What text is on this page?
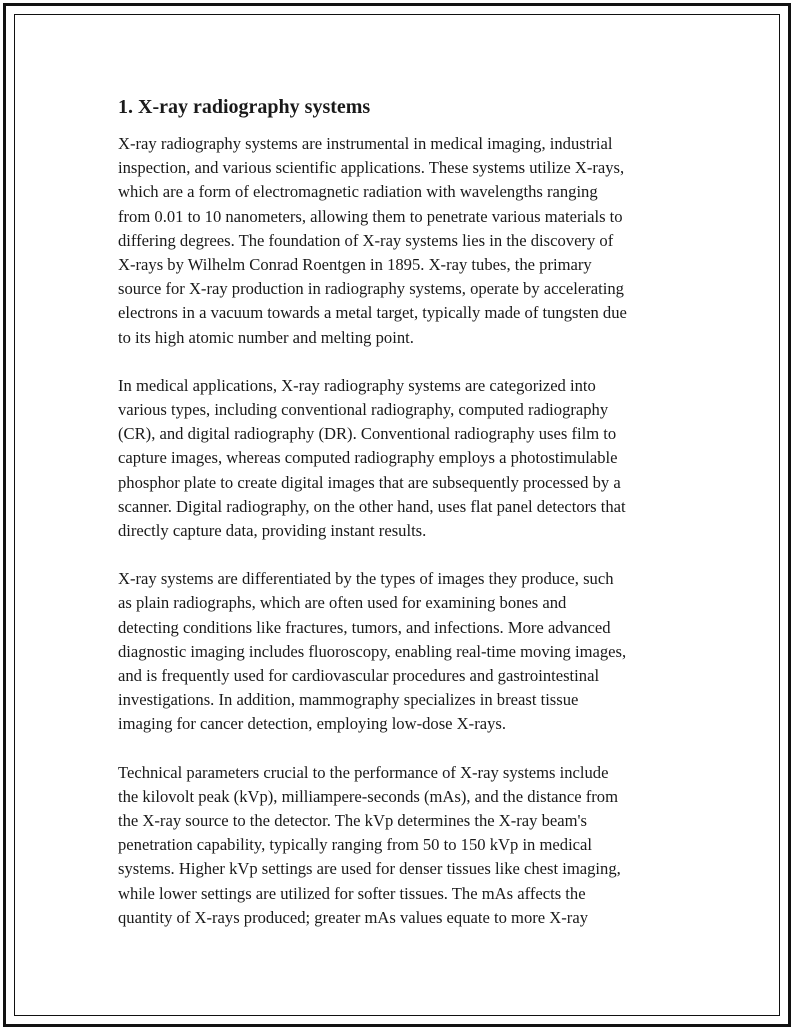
1. X-ray radiography systems

X-ray radiography systems are instrumental in medical imaging, industrial
inspection, and various scientific applications. These systems utilize X-rays,
which are a form of electromagnetic radiation with wavelengths ranging
from 0.01 to 10 nanometers, allowing them to penetrate various materials to
differing degrees. The foundation of X-ray systems lies in the discovery of
X-rays by Wilhelm Conrad Roentgen in 1895. X-ray tubes, the primary
source for X-ray production in radiography systems, operate by accelerating
electrons in a vacuum towards a metal target, typically made of tungsten due
to its high atomic number and melting point.

In medical applications, X-ray radiography systems are categorized into
various types, including conventional radiography, computed radiography
(CR), and digital radiography (DR). Conventional radiography uses film to
capture images, whereas computed radiography employs a photostimulable
phosphor plate to create digital images that are subsequently processed by a
scanner. Digital radiography, on the other hand, uses flat panel detectors that
directly capture data, providing instant results.

X-ray systems are differentiated by the types of images they produce, such
as plain radiographs, which are often used for examining bones and
detecting conditions like fractures, tumors, and infections. More advanced
diagnostic imaging includes fluoroscopy, enabling real-time moving images,
and is frequently used for cardiovascular procedures and gastrointestinal
investigations. In addition, mammography specializes in breast tissue
imaging for cancer detection, employing low-dose X-rays.

Technical parameters crucial to the performance of X-ray systems include
the kilovolt peak (kVp), milliampere-seconds (mAs), and the distance from
the X-ray source to the detector. The kVp determines the X-ray beam's
penetration capability, typically ranging from 50 to 150 kVp in medical
systems. Higher kVp settings are used for denser tissues like chest imaging,
while lower settings are utilized for softer tissues. The mAs affects the
quantity of X-rays produced; greater mAs values equate to more X-ray
